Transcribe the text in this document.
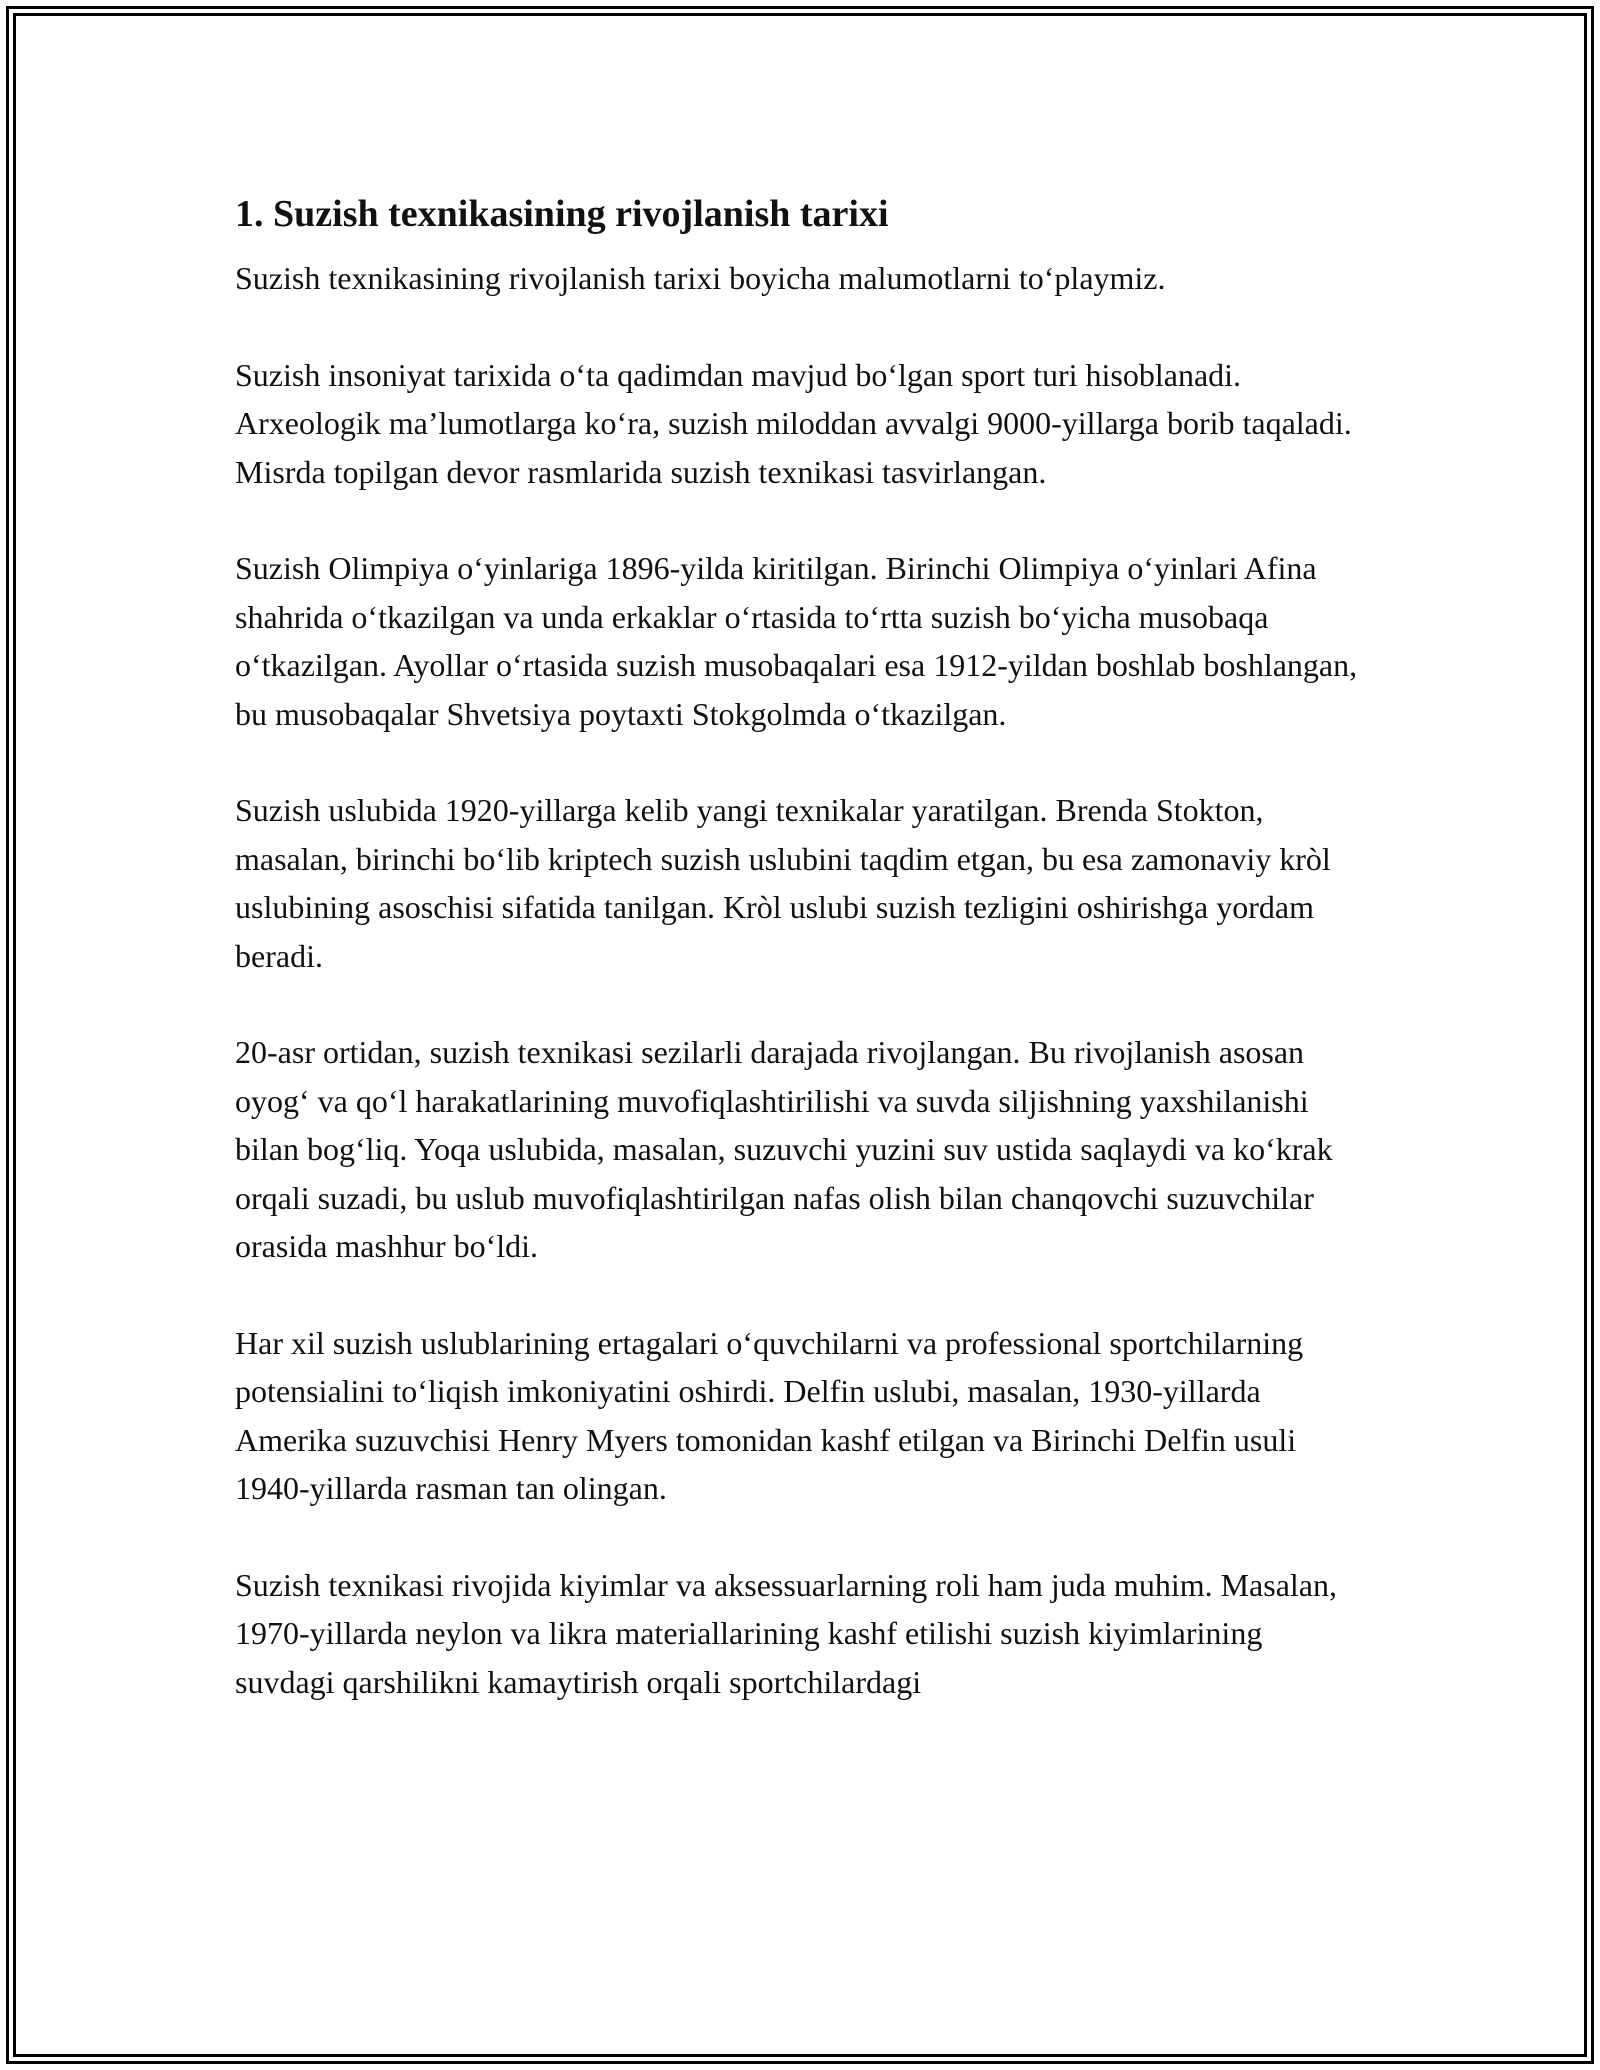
1. Suzish texnikasining rivojlanish tarixi

Suzish texnikasining rivojlanish tarixi boyicha malumotlarni to‘playmiz.

Suzish insoniyat tarixida o‘ta qadimdan mavjud bo‘lgan sport turi hisoblanadi. Arxeologik ma’lumotlarga ko‘ra, suzish miloddan avvalgi 9000-yillarga borib taqaladi. Misrda topilgan devor rasmlarida suzish texnikasi tasvirlangan.

Suzish Olimpiya o‘yinlariga 1896-yilda kiritilgan. Birinchi Olimpiya o‘yinlari Afina shahrida o‘tkazilgan va unda erkaklar o‘rtasida to‘rtta suzish bo‘yicha musobaqa o‘tkazilgan. Ayollar o‘rtasida suzish musobaqalari esa 1912-yildan boshlab boshlangan, bu musobaqalar Shvetsiya poytaxti Stokgolmda o‘tkazilgan.

Suzish uslubida 1920-yillarga kelib yangi texnikalar yaratilgan. Brenda Stokton, masalan, birinchi bo‘lib kriptech suzish uslubini taqdim etgan, bu esa zamonaviy kròl uslubining asoschisi sifatida tanilgan. Kròl uslubi suzish tezligini oshirishga yordam beradi.

20-asr ortidan, suzish texnikasi sezilarli darajada rivojlangan. Bu rivojlanish asosan oyog‘ va qo‘l harakatlarining muvofiqlashtirilishi va suvda siljishning yaxshilanishi bilan bog‘liq. Yoqa uslubida, masalan, suzuvchi yuzini suv ustida saqlaydi va ko‘krak orqali suzadi, bu uslub muvofiqlashtirilgan nafas olish bilan chanqovchi suzuvchilar orasida mashhur bo‘ldi.

Har xil suzish uslublarining ertagalari o‘quvchilarni va professional sportchilarning potensialini to‘liqish imkoniyatini oshirdi. Delfin uslubi, masalan, 1930-yillarda Amerika suzuvchisi Henry Myers tomonidan kashf etilgan va Birinchi Delfin usuli 1940-yillarda rasman tan olingan.

Suzish texnikasi rivojida kiyimlar va aksessuarlarning roli ham juda muhim. Masalan, 1970-yillarda neylon va likra materiallarining kashf etilishi suzish kiyimlarining suvdagi qarshilikni kamaytirish orqali sportchilardagi
